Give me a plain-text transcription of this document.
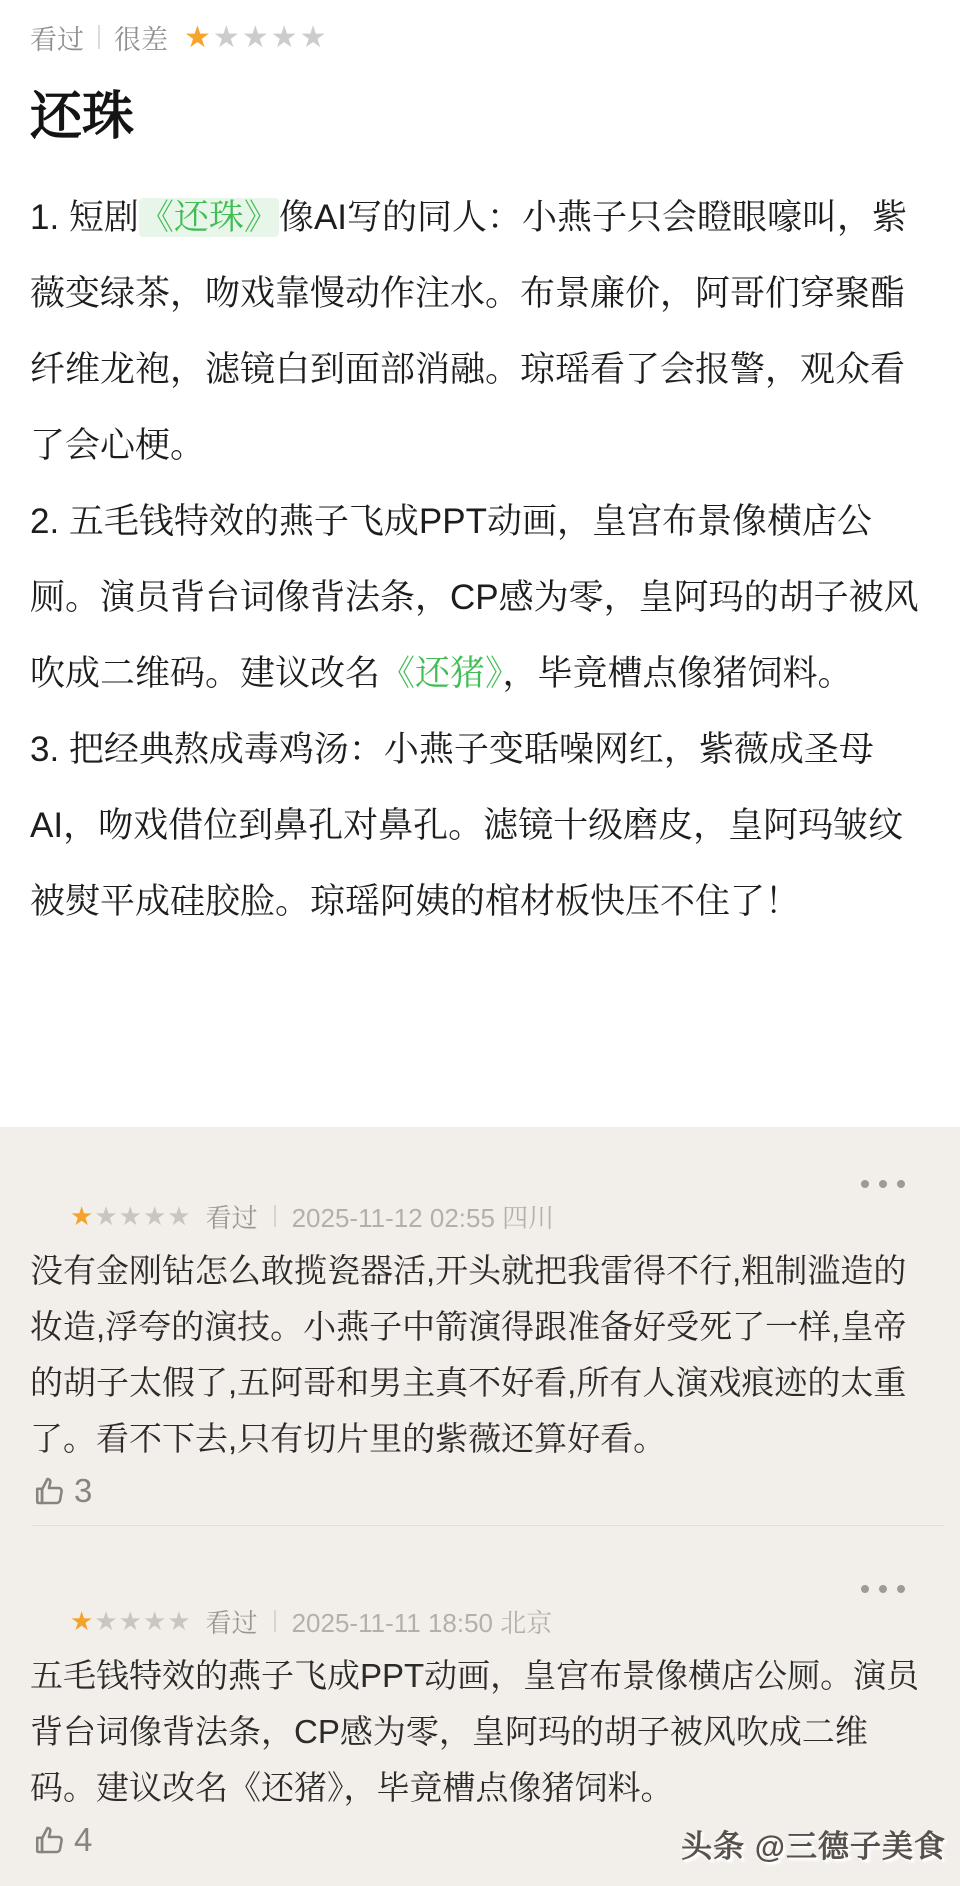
看过 很差 ★ ★ ★ ★ ★
还珠

1. 短剧《还珠》像AI写的同人：小燕子只会瞪眼嚎叫，紫薇变绿茶，吻戏靠慢动作注水。布景廉价，阿哥们穿聚酯纤维龙袍，滤镜白到面部消融。琼瑶看了会报警，观众看了会心梗。

2. 五毛钱特效的燕子飞成PPT动画，皇宫布景像横店公厕。演员背台词像背法条，CP感为零，皇阿玛的胡子被风吹成二维码。建议改名《还猪》，毕竟槽点像猪饲料。

3. 把经典熬成毒鸡汤：小燕子变聒噪网红，紫薇成圣母AI，吻戏借位到鼻孔对鼻孔。滤镜十级磨皮，皇阿玛皱纹被熨平成硅胶脸。琼瑶阿姨的棺材板快压不住了！

★ ★ ★ ★ ★ 看过 2025-11-12 02:55 四川

没有金刚钻怎么敢揽瓷器活,开头就把我雷得不行,粗制滥造的妆造,浮夸的演技。小燕子中箭演得跟准备好受死了一样,皇帝的胡子太假了,五阿哥和男主真不好看,所有人演戏痕迹的太重了。看不下去,只有切片里的紫薇还算好看。

3
★ ★ ★ ★ ★ 看过 2025-11-11 18:50 北京

五毛钱特效的燕子飞成PPT动画，皇宫布景像横店公厕。演员背台词像背法条，CP感为零，皇阿玛的胡子被风吹成二维码。建议改名《还猪》，毕竟槽点像猪饲料。

4	头条 @三德子美食
